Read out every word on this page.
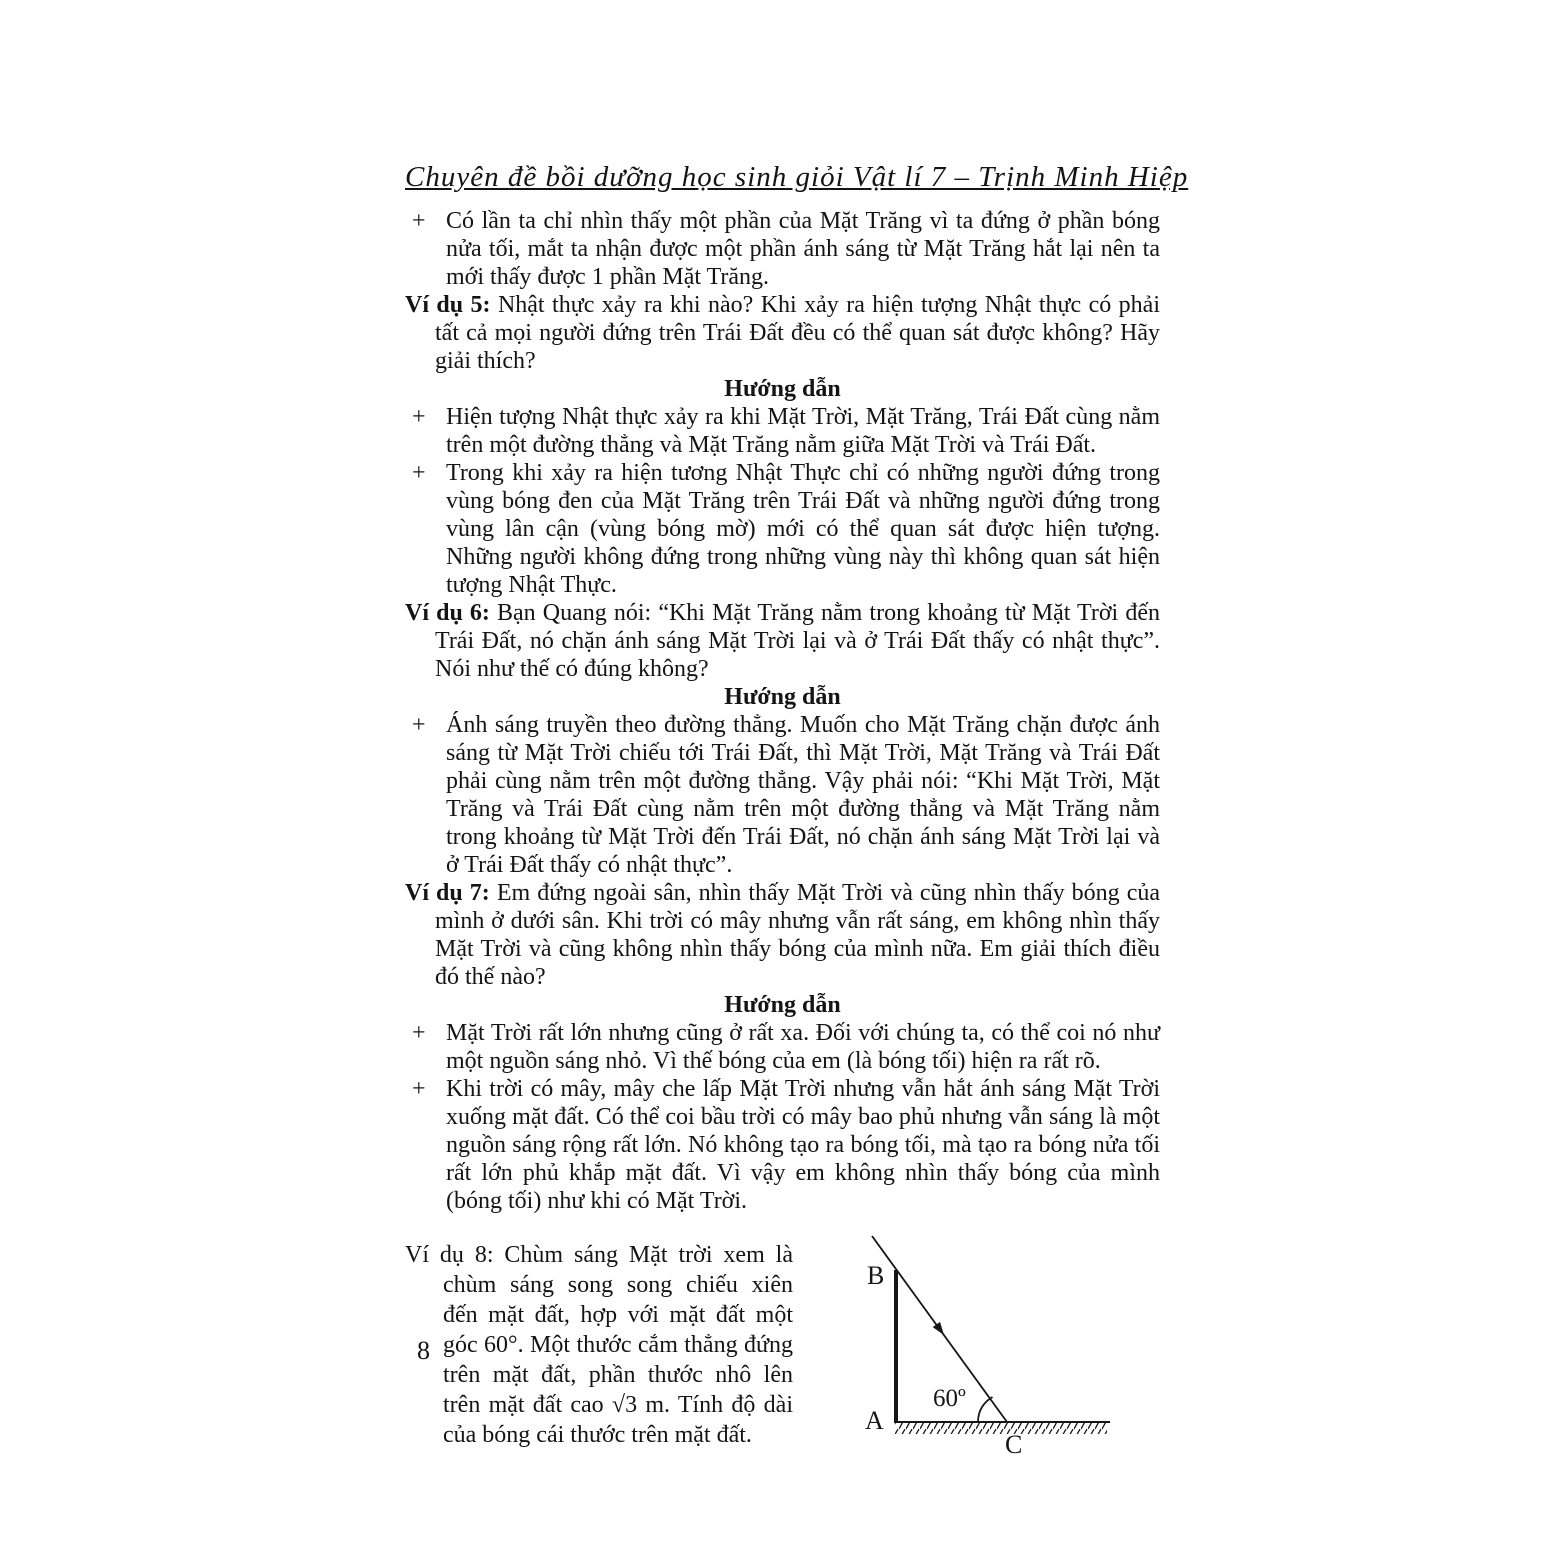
Chuyên đề bồi dưỡng học sinh giỏi Vật lí 7 – Trịnh Minh Hiệp
+ Có lần ta chỉ nhìn thấy một phần của Mặt Trăng vì ta đứng ở phần bóng nửa tối, mắt ta nhận được một phần ánh sáng từ Mặt Trăng hắt lại nên ta mới thấy được 1 phần Mặt Trăng.

Ví dụ 5: Nhật thực xảy ra khi nào? Khi xảy ra hiện tượng Nhật thực có phải tất cả mọi người đứng trên Trái Đất đều có thể quan sát được không? Hãy giải thích?

Hướng dẫn

+ Hiện tượng Nhật thực xảy ra khi Mặt Trời, Mặt Trăng, Trái Đất cùng nằm trên một đường thẳng và Mặt Trăng nằm giữa Mặt Trời và Trái Đất.
+ Trong khi xảy ra hiện tương Nhật Thực chỉ có những người đứng trong vùng bóng đen của Mặt Trăng trên Trái Đất và những người đứng trong vùng lân cận (vùng bóng mờ) mới có thể quan sát được hiện tượng. Những người không đứng trong những vùng này thì không quan sát hiện tượng Nhật Thực.

Ví dụ 6: Bạn Quang nói: “Khi Mặt Trăng nằm trong khoảng từ Mặt Trời đến Trái Đất, nó chặn ánh sáng Mặt Trời lại và ở Trái Đất thấy có nhật thực”. Nói như thế có đúng không?

Hướng dẫn

+ Ánh sáng truyền theo đường thẳng. Muốn cho Mặt Trăng chặn được ánh sáng từ Mặt Trời chiếu tới Trái Đất, thì Mặt Trời, Mặt Trăng và Trái Đất phải cùng nằm trên một đường thẳng. Vậy phải nói: “Khi Mặt Trời, Mặt Trăng và Trái Đất cùng nằm trên một đường thẳng và Mặt Trăng nằm trong khoảng từ Mặt Trời đến Trái Đất, nó chặn ánh sáng Mặt Trời lại và ở Trái Đất thấy có nhật thực”.

Ví dụ 7: Em đứng ngoài sân, nhìn thấy Mặt Trời và cũng nhìn thấy bóng của mình ở dưới sân. Khi trời có mây nhưng vẫn rất sáng, em không nhìn thấy Mặt Trời và cũng không nhìn thấy bóng của mình nữa. Em giải thích điều đó thế nào?

Hướng dẫn

+ Mặt Trời rất lớn nhưng cũng ở rất xa. Đối với chúng ta, có thể coi nó như một nguồn sáng nhỏ. Vì thế bóng của em (là bóng tối) hiện ra rất rõ.
+ Khi trời có mây, mây che lấp Mặt Trời nhưng vẫn hắt ánh sáng Mặt Trời xuống mặt đất. Có thể coi bầu trời có mây bao phủ nhưng vẫn sáng là một nguồn sáng rộng rất lớn. Nó không tạo ra bóng tối, mà tạo ra bóng nửa tối rất lớn phủ khắp mặt đất. Vì vậy em không nhìn thấy bóng của mình (bóng tối) như khi có Mặt Trời.

Ví dụ 8: Chùm sáng Mặt trời xem là chùm sáng song song chiếu xiên đến mặt đất, hợp với mặt đất một góc 60°. Một thước cắm thẳng đứng trên mặt đất, phần thước nhô lên trên mặt đất cao √3 m. Tính độ dài của bóng cái thước trên mặt đất.

B
A
C
60º
8
